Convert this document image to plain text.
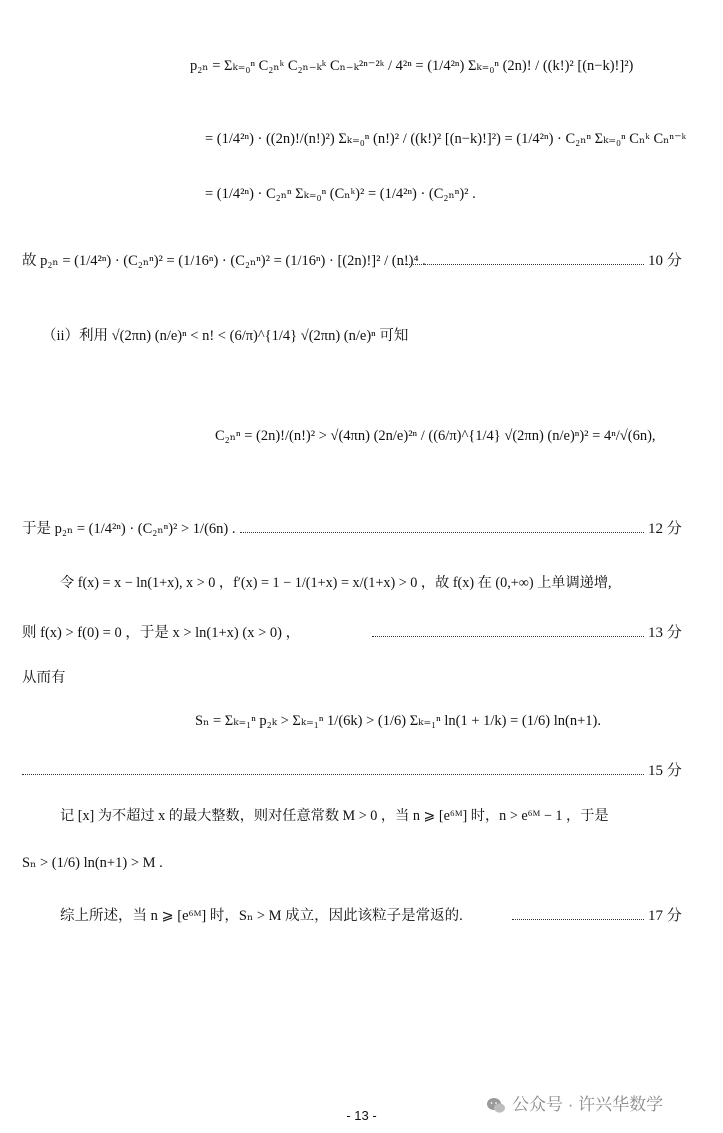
p₂ₙ = Σₖ₌₀ⁿ C₂ₙᵏ C₂ₙ₋ₖᵏ Cₙ₋ₖ²ⁿ⁻²ᵏ / 4²ⁿ = (1/4²ⁿ) Σₖ₌₀ⁿ (2n)! / ((k!)² [(n−k)!]²)
= (1/4²ⁿ) · ((2n)!/(n!)²) Σₖ₌₀ⁿ (n!)² / ((k!)² [(n−k)!]²) = (1/4²ⁿ) · C₂ₙⁿ Σₖ₌₀ⁿ Cₙᵏ Cₙⁿ⁻ᵏ
= (1/4²ⁿ) · C₂ₙⁿ Σₖ₌₀ⁿ (Cₙᵏ)² = (1/4²ⁿ) · (C₂ₙⁿ)² .
故 p₂ₙ = (1/4²ⁿ) · (C₂ₙⁿ)² = (1/16ⁿ) · (C₂ₙⁿ)² = (1/16ⁿ) · [(2n)!]² / (n!)⁴ .	10 分
（ii）利用 √(2πn) (n/e)ⁿ < n! < (6/π)^{1/4} √(2πn) (n/e)ⁿ 可知
C₂ₙⁿ = (2n)!/(n!)² > √(4πn) (2n/e)²ⁿ / ((6/π)^{1/4} √(2πn) (n/e)ⁿ)² = 4ⁿ/√(6n),
于是 p₂ₙ = (1/4²ⁿ) · (C₂ₙⁿ)² > 1/(6n) .	12 分
令 f(x) = x − ln(1+x), x > 0 ，f′(x) = 1 − 1/(1+x) = x/(1+x) > 0 ，故 f(x) 在 (0,+∞) 上单调递增,
则 f(x) > f(0) = 0 ，于是 x > ln(1+x) (x > 0) ，	13 分
从而有
Sₙ = Σₖ₌₁ⁿ p₂ₖ > Σₖ₌₁ⁿ 1/(6k) > (1/6) Σₖ₌₁ⁿ ln(1 + 1/k) = (1/6) ln(n+1).
15 分
记 [x] 为不超过 x 的最大整数，则对任意常数 M > 0 ，当 n ⩾ [e⁶ᴹ] 时，n > e⁶ᴹ − 1 ，于是
Sₙ > (1/6) ln(n+1) > M .
综上所述，当 n ⩾ [e⁶ᴹ] 时，Sₙ > M 成立，因此该粒子是常返的.	17 分
公众号 · 许兴华数学
- 13 -
